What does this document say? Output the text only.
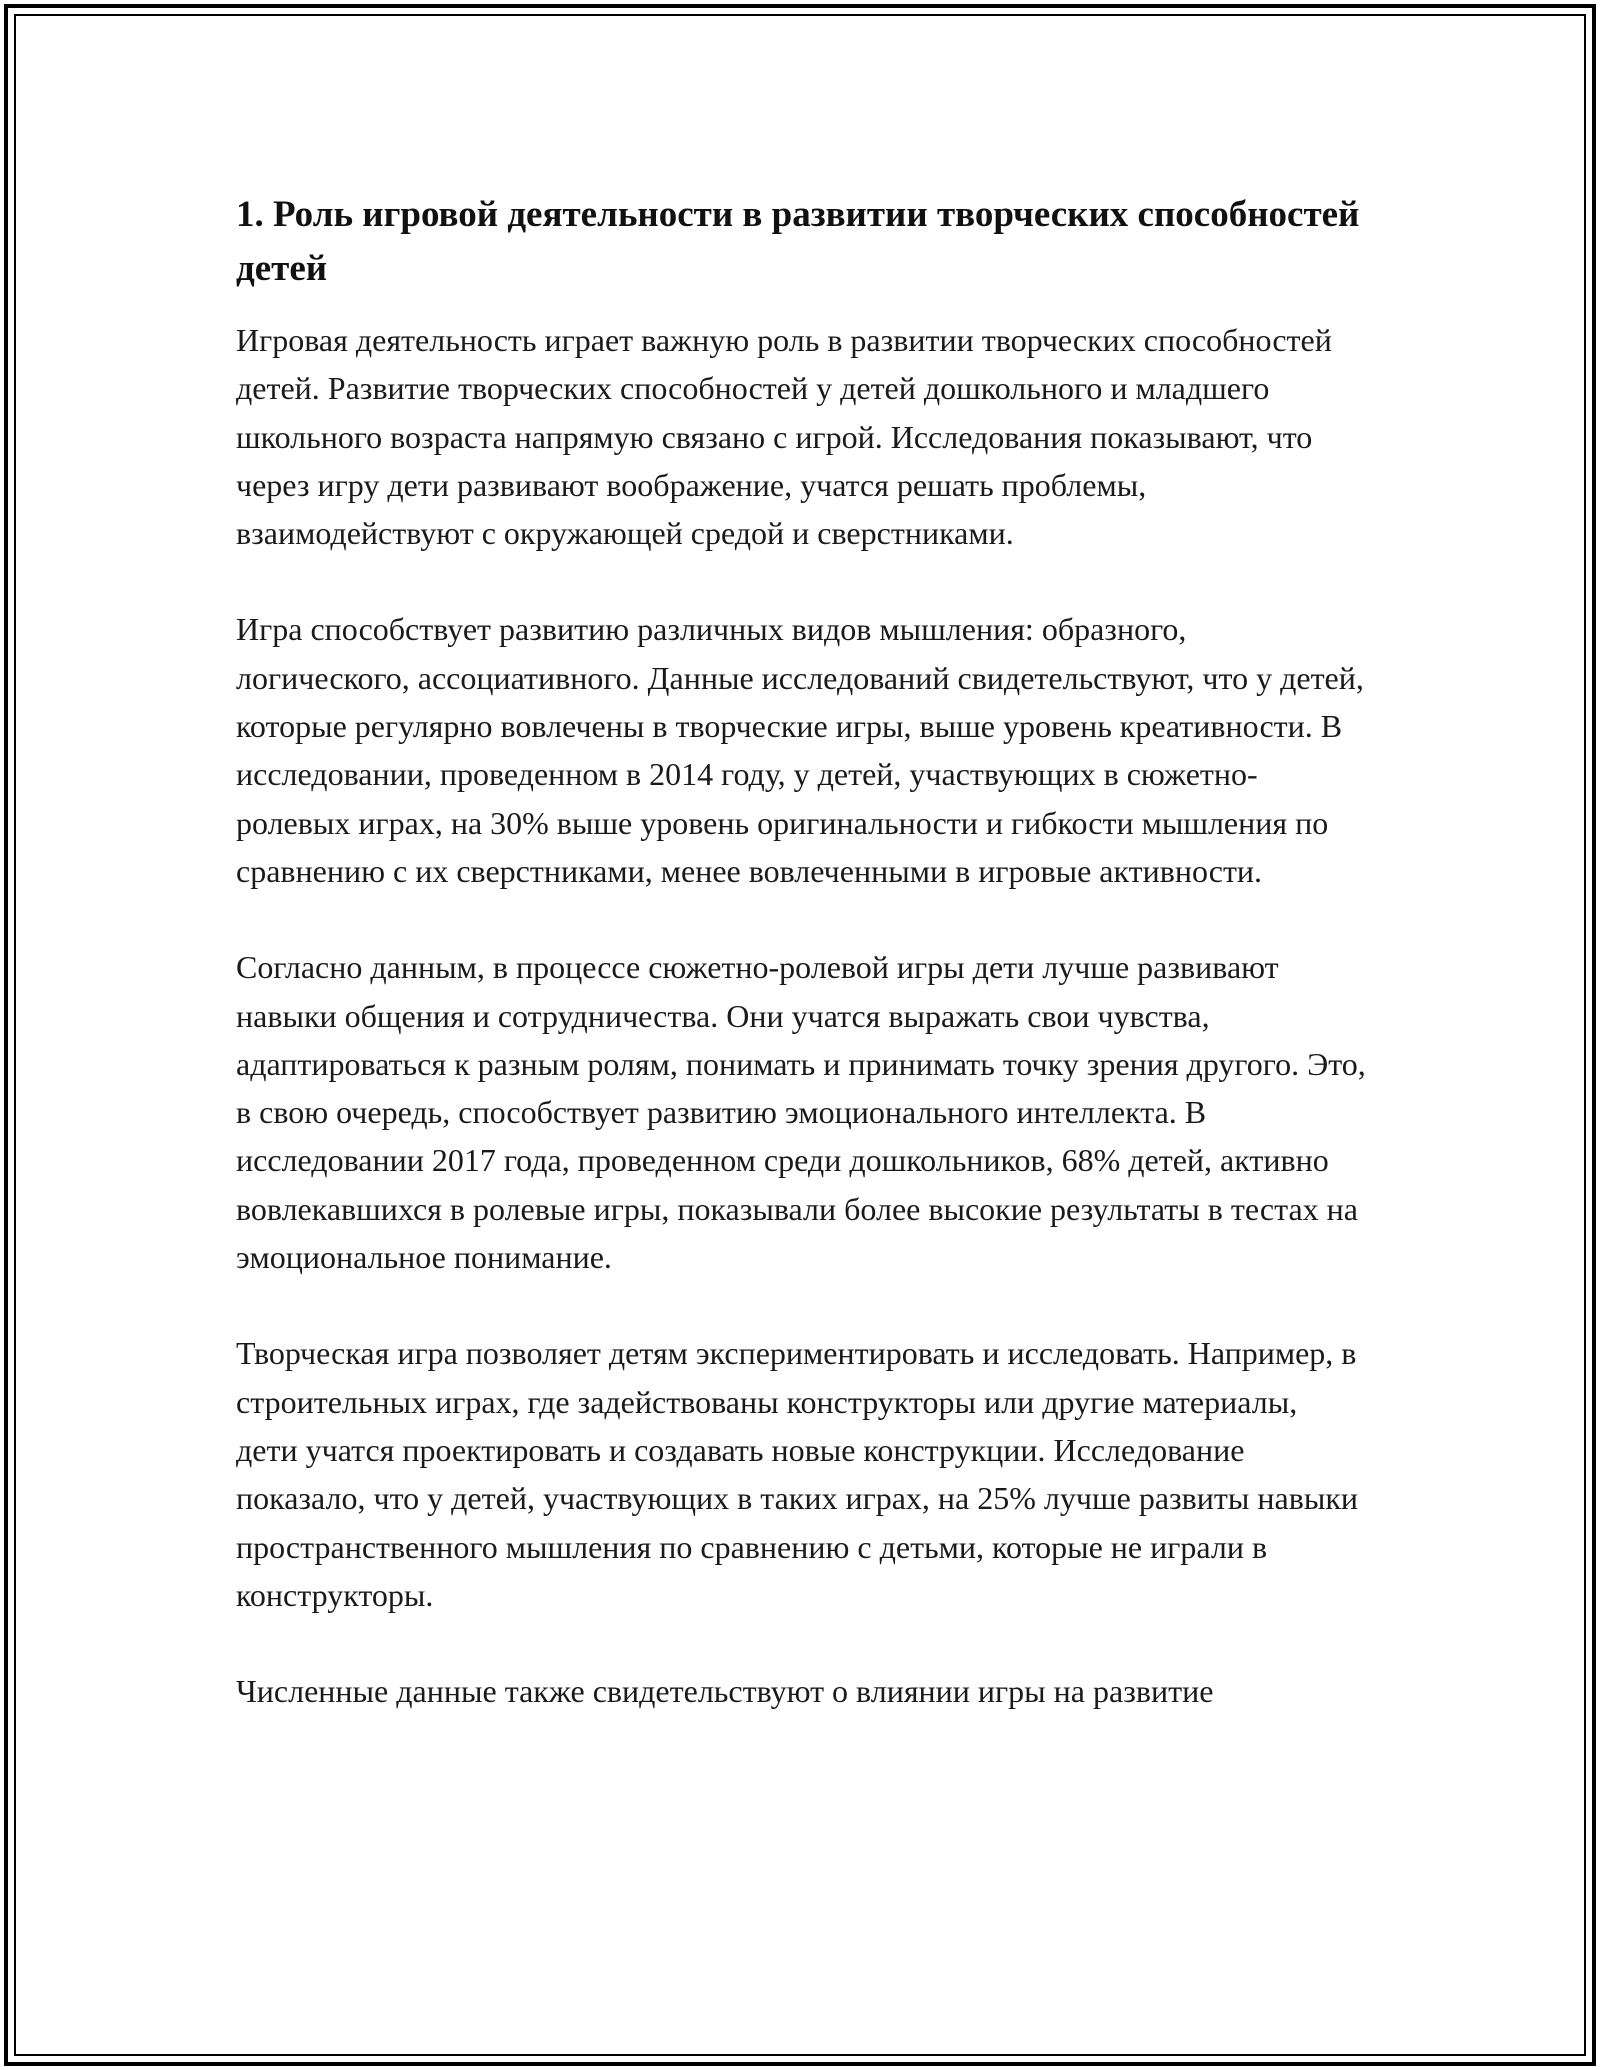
1. Роль игровой деятельности в развитии творческих способностей детей

Игровая деятельность играет важную роль в развитии творческих способностей детей. Развитие творческих способностей у детей дошкольного и младшего школьного возраста напрямую связано с игрой. Исследования показывают, что через игру дети развивают воображение, учатся решать проблемы, взаимодействуют с окружающей средой и сверстниками.

Игра способствует развитию различных видов мышления: образного, логического, ассоциативного. Данные исследований свидетельствуют, что у детей, которые регулярно вовлечены в творческие игры, выше уровень креативности. В исследовании, проведенном в 2014 году, у детей, участвующих в сюжетно-ролевых играх, на 30% выше уровень оригинальности и гибкости мышления по сравнению с их сверстниками, менее вовлеченными в игровые активности.

Согласно данным, в процессе сюжетно-ролевой игры дети лучше развивают навыки общения и сотрудничества. Они учатся выражать свои чувства, адаптироваться к разным ролям, понимать и принимать точку зрения другого. Это, в свою очередь, способствует развитию эмоционального интеллекта. В исследовании 2017 года, проведенном среди дошкольников, 68% детей, активно вовлекавшихся в ролевые игры, показывали более высокие результаты в тестах на эмоциональное понимание.

Творческая игра позволяет детям экспериментировать и исследовать. Например, в строительных играх, где задействованы конструкторы или другие материалы, дети учатся проектировать и создавать новые конструкции. Исследование показало, что у детей, участвующих в таких играх, на 25% лучше развиты навыки пространственного мышления по сравнению с детьми, которые не играли в конструкторы.

Численные данные также свидетельствуют о влиянии игры на развитие
